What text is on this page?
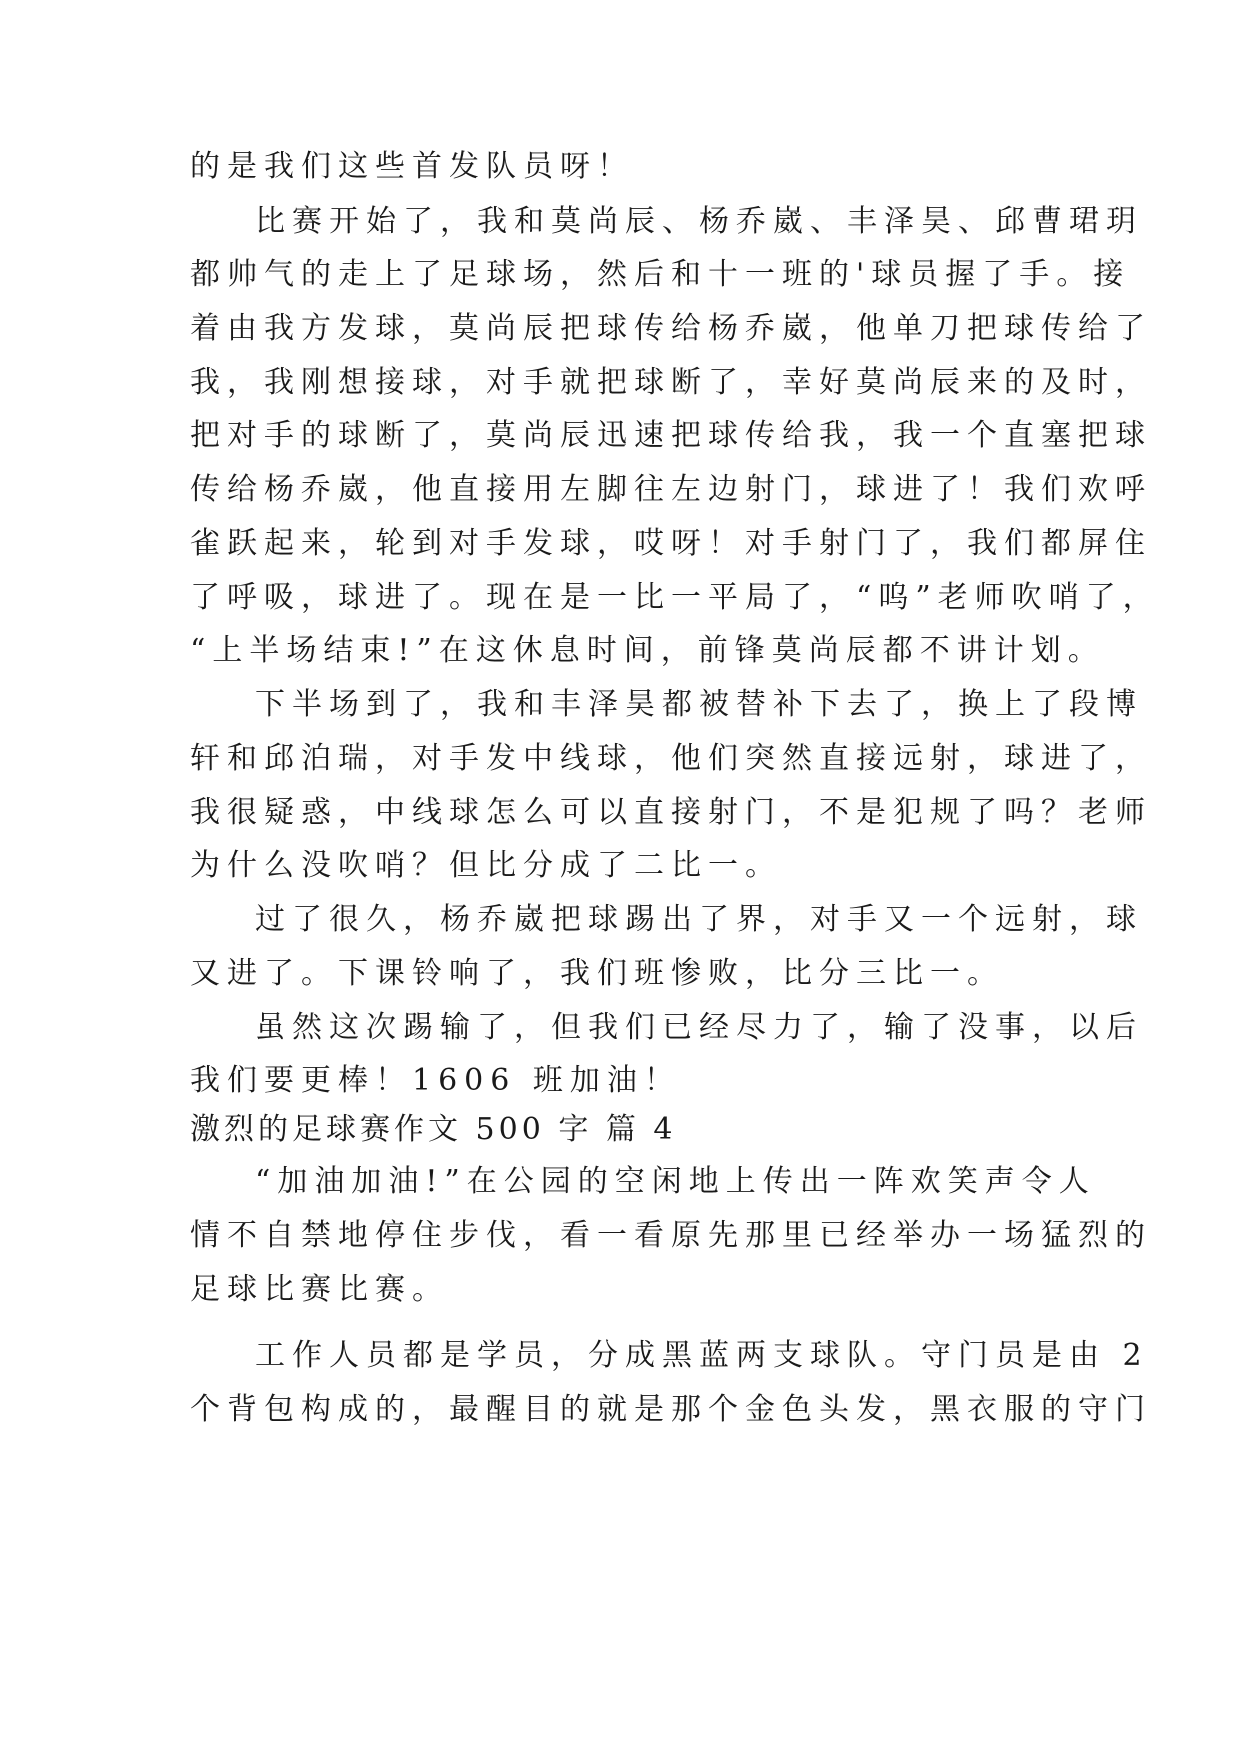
的是我们这些首发队员呀！
比赛开始了，我和莫尚辰、杨乔崴、丰泽昊、邱曹珺玥
都帅气的走上了足球场，然后和十一班的'球员握了手。接
着由我方发球，莫尚辰把球传给杨乔崴，他单刀把球传给了
我，我刚想接球，对手就把球断了，幸好莫尚辰来的及时，
把对手的球断了，莫尚辰迅速把球传给我，我一个直塞把球
传给杨乔崴，他直接用左脚往左边射门，球进了！我们欢呼
雀跃起来，轮到对手发球，哎呀！对手射门了，我们都屏住
了呼吸，球进了。现在是一比一平局了，“呜”老师吹哨了，
“上半场结束!”在这休息时间，前锋莫尚辰都不讲计划。
下半场到了，我和丰泽昊都被替补下去了，换上了段博
轩和邱泊瑞，对手发中线球，他们突然直接远射，球进了，
我很疑惑，中线球怎么可以直接射门，不是犯规了吗？老师
为什么没吹哨？但比分成了二比一。
过了很久，杨乔崴把球踢出了界，对手又一个远射，球
又进了。下课铃响了，我们班惨败，比分三比一。
虽然这次踢输了，但我们已经尽力了，输了没事，以后
我们要更棒！1606 班加油！
激烈的足球赛作文 500 字 篇 4
“加油加油!”在公园的空闲地上传出一阵欢笑声令人
情不自禁地停住步伐，看一看原先那里已经举办一场猛烈的
足球比赛比赛。
工作人员都是学员，分成黑蓝两支球队。守门员是由 2
个背包构成的，最醒目的就是那个金色头发，黑衣服的守门
